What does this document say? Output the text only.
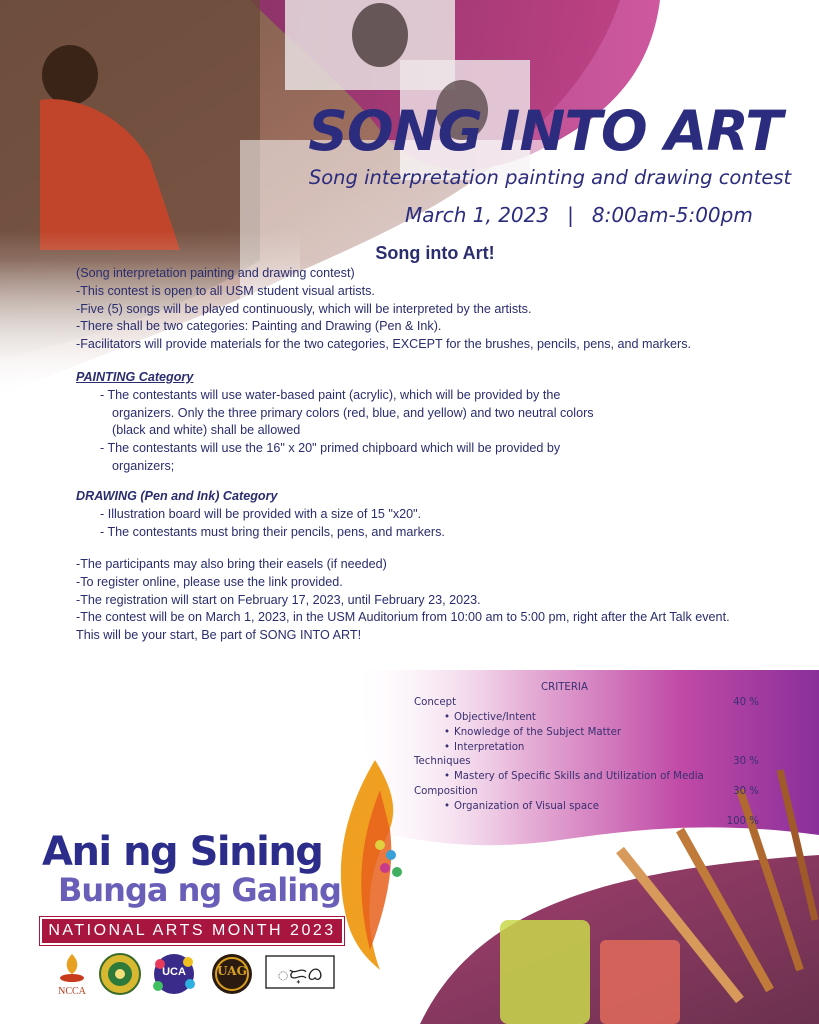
SONG INTO ART
Song interpretation painting and drawing contest
March 1, 2023 | 8:00am-5:00pm
Song into Art!

(Song interpretation painting and drawing contest)

-This contest is open to all USM student visual artists.

-Five (5) songs will be played continuously, which will be interpreted by the artists.

-There shall be two categories: Painting and Drawing (Pen & Ink).

-Facilitators will provide materials for the two categories, EXCEPT for the brushes, pencils, pens, and markers.

PAINTING Category

- The contestants will use water-based paint (acrylic), which will be provided by the

organizers. Only the three primary colors (red, blue, and yellow) and two neutral colors

(black and white) shall be allowed

- The contestants will use the 16" x 20" primed chipboard which will be provided by

organizers;

DRAWING (Pen and Ink) Category

- Illustration board will be provided with a size of 15 "x20".

- The contestants must bring their pencils, pens, and markers.

-The participants may also bring their easels (if needed)

-To register online, please use the link provided.

-The registration will start on February 17, 2023, until February 23, 2023.

-The contest will be on March 1, 2023, in the USM Auditorium from 10:00 am to 5:00 pm, right after the Art Talk event.

This will be your start, Be part of SONG INTO ART!

CRITERIA
Concept	40 %
• Objective/Intent
• Knowledge of the Subject Matter
• Interpretation
Techniques	30 %
• Mastery of Specific Skills and Utilization of Media
Composition	30 %
• Organization of Visual space
100 %
Ani ng Sining
Bunga ng Galing
NATIONAL ARTS MONTH 2023
NCCA
UCA	UAG	ᜀᜇ᜔ᜊ
